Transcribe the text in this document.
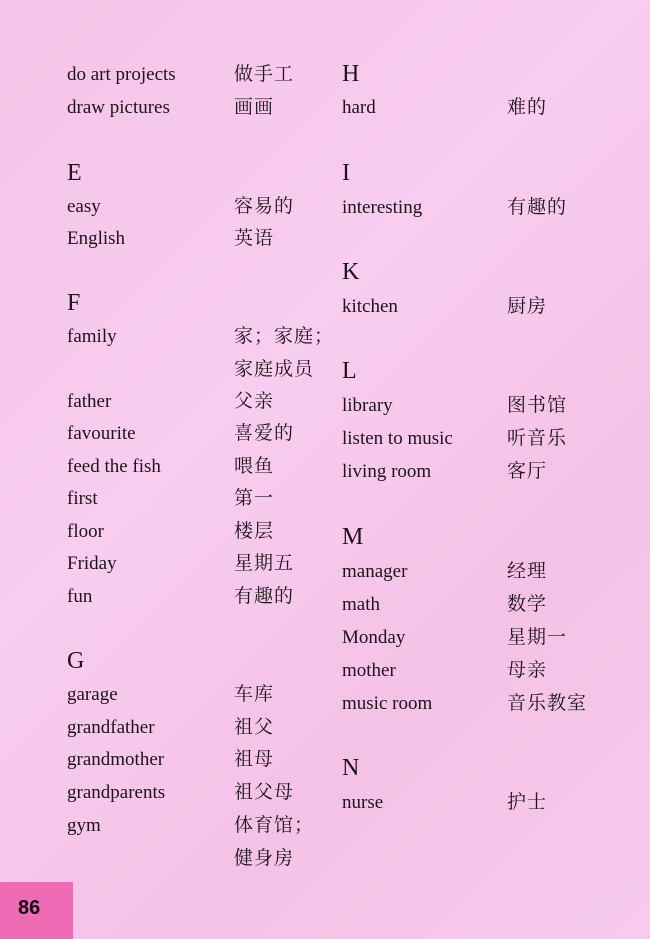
do art projects	做手工
draw pictures	画画
E
easy	容易的
English	英语
F
family	家；家庭；
家庭成员
father	父亲
favourite	喜爱的
feed the fish	喂鱼
first	第一
floor	楼层
Friday	星期五
fun	有趣的
G
garage	车库
grandfather	祖父
grandmother	祖母
grandparents	祖父母
gym	体育馆；
健身房
H
hard	难的
I
interesting	有趣的
K
kitchen	厨房
L
library	图书馆
listen to music	听音乐
living room	客厅
M
manager	经理
math	数学
Monday	星期一
mother	母亲
music room	音乐教室
N
nurse	护士
86
